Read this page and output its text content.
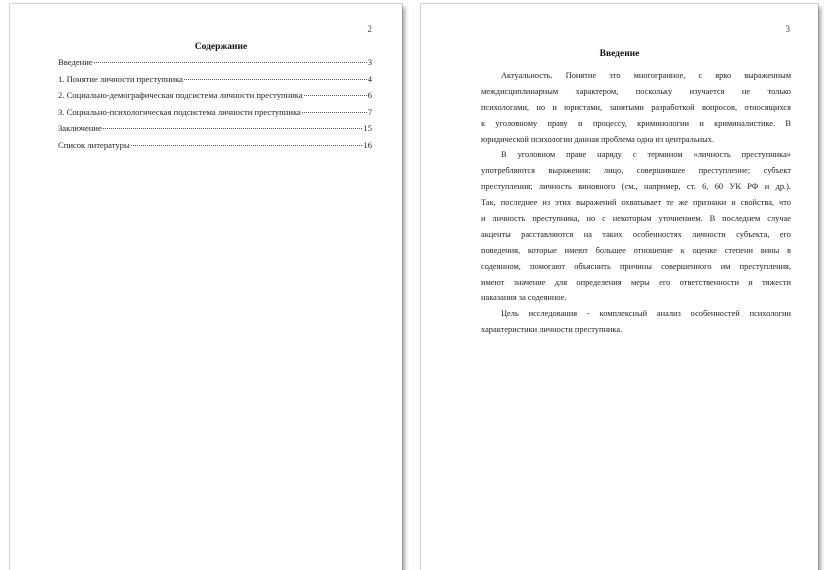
2
Содержание
Введение	3
1. Понятие личности преступника	4
2. Социально-демографическая подсистема личности преступника	6
3. Социально-психологическая подсистема личности преступника	7
Заключение	15
Список литературы	16
3
Введение
Актуальность. Понятие это многогранное, с ярко выраженным
междисциплинарным характером, поскольку изучается не только
психологами, но и юристами, занятыми разработкой вопросов, относящихся
к уголовному праву и процессу, криминологии и криминалистике. В
юридической психологии данная проблема одна из центральных.
В уголовном праве наряду с термином «личность преступника»
употребляются выражения: лицо, совершившее преступление; субъект
преступления; личность виновного (см., например, ст. 6, 60 УК РФ и др.).
Так, последнее из этих выражений охватывает те же признаки и свойства, что
и личность преступника, но с некоторым уточнением. В последнем случае
акценты расставляются на таких особенностях личности субъекта, его
поведения, которые имеют большее отношение к оценке степени вины в
содеянном, помогают объяснить причины совершенного им преступления,
имеют значение для определения меры его ответственности и тяжести
наказания за содеянное.
Цель исследования - комплексный анализ особенностей психологии
характеристики личности преступника.
